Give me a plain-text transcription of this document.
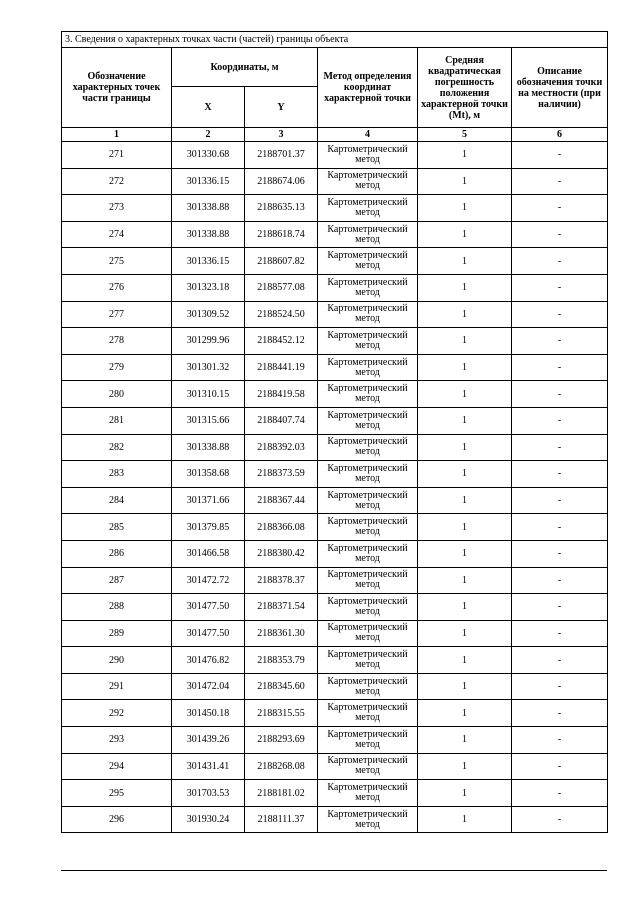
3. Сведения о характерных точках части (частей) границы объекта					
Обозначение характерных точек части границы	Координаты, м		Метод определения координат характерной точки	Средняя квадратическая погрешность положения характерной точки (Mt), м	Описание обозначения точки на местности (при наличии)
	X	Y			
1	2	3	4	5	6
271	301330.68	2188701.37	Картометрический метод	1	-
272	301336.15	2188674.06	Картометрический метод	1	-
273	301338.88	2188635.13	Картометрический метод	1	-
274	301338.88	2188618.74	Картометрический метод	1	-
275	301336.15	2188607.82	Картометрический метод	1	-
276	301323.18	2188577.08	Картометрический метод	1	-
277	301309.52	2188524.50	Картометрический метод	1	-
278	301299.96	2188452.12	Картометрический метод	1	-
279	301301.32	2188441.19	Картометрический метод	1	-
280	301310.15	2188419.58	Картометрический метод	1	-
281	301315.66	2188407.74	Картометрический метод	1	-
282	301338.88	2188392.03	Картометрический метод	1	-
283	301358.68	2188373.59	Картометрический метод	1	-
284	301371.66	2188367.44	Картометрический метод	1	-
285	301379.85	2188366.08	Картометрический метод	1	-
286	301466.58	2188380.42	Картометрический метод	1	-
287	301472.72	2188378.37	Картометрический метод	1	-
288	301477.50	2188371.54	Картометрический метод	1	-
289	301477.50	2188361.30	Картометрический метод	1	-
290	301476.82	2188353.79	Картометрический метод	1	-
291	301472.04	2188345.60	Картометрический метод	1	-
292	301450.18	2188315.55	Картометрический метод	1	-
293	301439.26	2188293.69	Картометрический метод	1	-
294	301431.41	2188268.08	Картометрический метод	1	-
295	301703.53	2188181.02	Картометрический метод	1	-
296	301930.24	2188111.37	Картометрический метод	1	-
